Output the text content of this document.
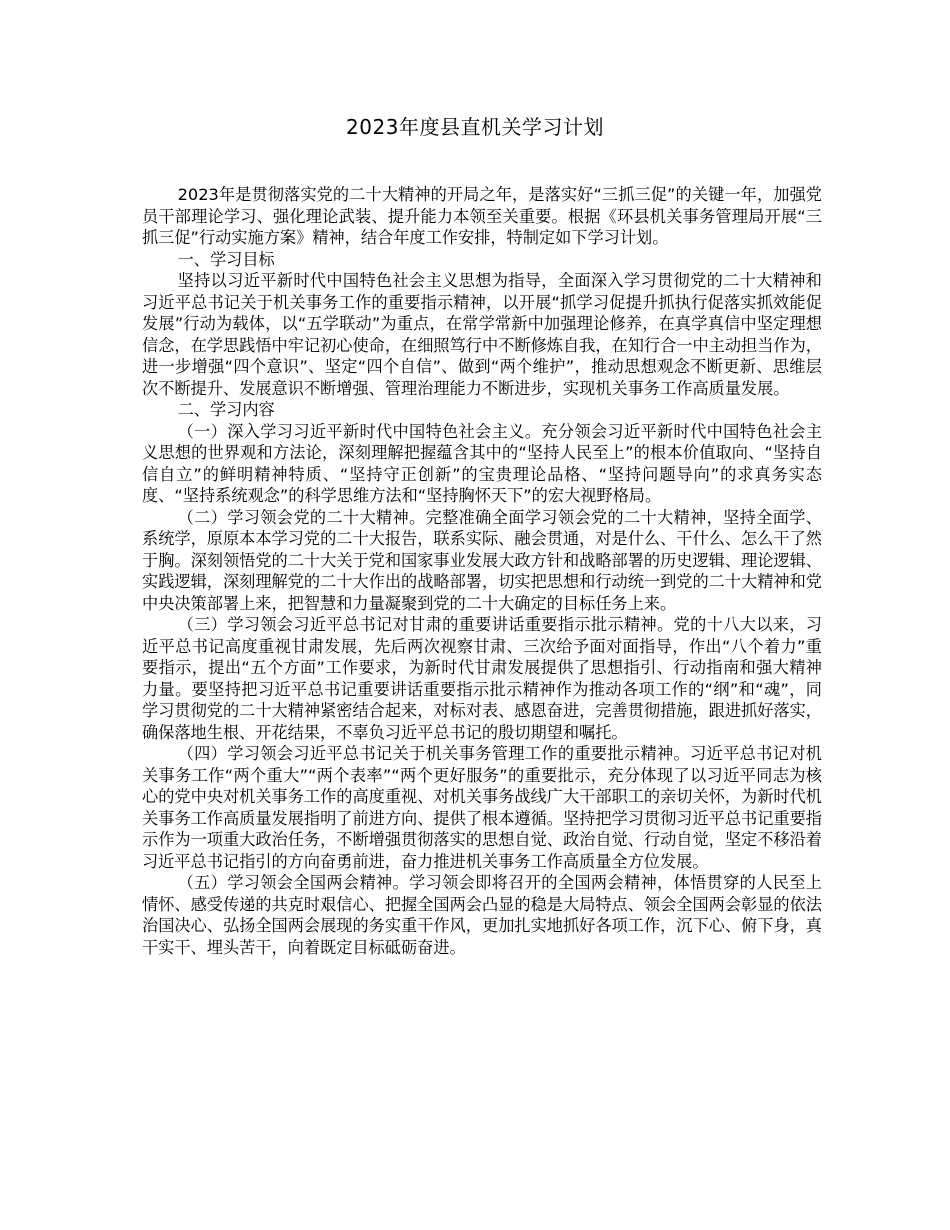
2023年度县直机关学习计划

2023年是贯彻落实党的二十大精神的开局之年，是落实好“三抓三促”的关键一年，加强党员干部理论学习、强化理论武装、提升能力本领至关重要。根据《环县机关事务管理局开展“三抓三促”行动实施方案》精神，结合年度工作安排，特制定如下学习计划。

一、学习目标

坚持以习近平新时代中国特色社会主义思想为指导，全面深入学习贯彻党的二十大精神和习近平总书记关于机关事务工作的重要指示精神，以开展“抓学习促提升抓执行促落实抓效能促发展”行动为载体，以“五学联动”为重点，在常学常新中加强理论修养，在真学真信中坚定理想信念，在学思践悟中牢记初心使命，在细照笃行中不断修炼自我，在知行合一中主动担当作为，进一步增强“四个意识”、坚定“四个自信”、做到“两个维护”，推动思想观念不断更新、思维层次不断提升、发展意识不断增强、管理治理能力不断进步，实现机关事务工作高质量发展。

二、学习内容

（一）深入学习习近平新时代中国特色社会主义。充分领会习近平新时代中国特色社会主义思想的世界观和方法论，深刻理解把握蕴含其中的“坚持人民至上”的根本价值取向、“坚持自信自立”的鲜明精神特质、“坚持守正创新”的宝贵理论品格、“坚持问题导向”的求真务实态度、“坚持系统观念”的科学思维方法和“坚持胸怀天下”的宏大视野格局。

（二）学习领会党的二十大精神。完整准确全面学习领会党的二十大精神，坚持全面学、系统学，原原本本学习党的二十大报告，联系实际、融会贯通，对是什么、干什么、怎么干了然于胸。深刻领悟党的二十大关于党和国家事业发展大政方针和战略部署的历史逻辑、理论逻辑、实践逻辑，深刻理解党的二十大作出的战略部署，切实把思想和行动统一到党的二十大精神和党中央决策部署上来，把智慧和力量凝聚到党的二十大确定的目标任务上来。

（三）学习领会习近平总书记对甘肃的重要讲话重要指示批示精神。党的十八大以来，习近平总书记高度重视甘肃发展，先后两次视察甘肃、三次给予面对面指导，作出“八个着力”重要指示，提出“五个方面”工作要求，为新时代甘肃发展提供了思想指引、行动指南和强大精神力量。要坚持把习近平总书记重要讲话重要指示批示精神作为推动各项工作的“纲”和“魂”，同学习贯彻党的二十大精神紧密结合起来，对标对表、感恩奋进，完善贯彻措施，跟进抓好落实，确保落地生根、开花结果，不辜负习近平总书记的殷切期望和嘱托。

（四）学习领会习近平总书记关于机关事务管理工作的重要批示精神。习近平总书记对机关事务工作“两个重大”“两个表率”“两个更好服务”的重要批示，充分体现了以习近平同志为核心的党中央对机关事务工作的高度重视、对机关事务战线广大干部职工的亲切关怀，为新时代机关事务工作高质量发展指明了前进方向、提供了根本遵循。坚持把学习贯彻习近平总书记重要指示作为一项重大政治任务，不断增强贯彻落实的思想自觉、政治自觉、行动自觉，坚定不移沿着习近平总书记指引的方向奋勇前进，奋力推进机关事务工作高质量全方位发展。

（五）学习领会全国两会精神。学习领会即将召开的全国两会精神，体悟贯穿的人民至上情怀、感受传递的共克时艰信心、把握全国两会凸显的稳是大局特点、领会全国两会彰显的依法治国决心、弘扬全国两会展现的务实重干作风，更加扎实地抓好各项工作，沉下心、俯下身，真干实干、埋头苦干，向着既定目标砥砺奋进。
